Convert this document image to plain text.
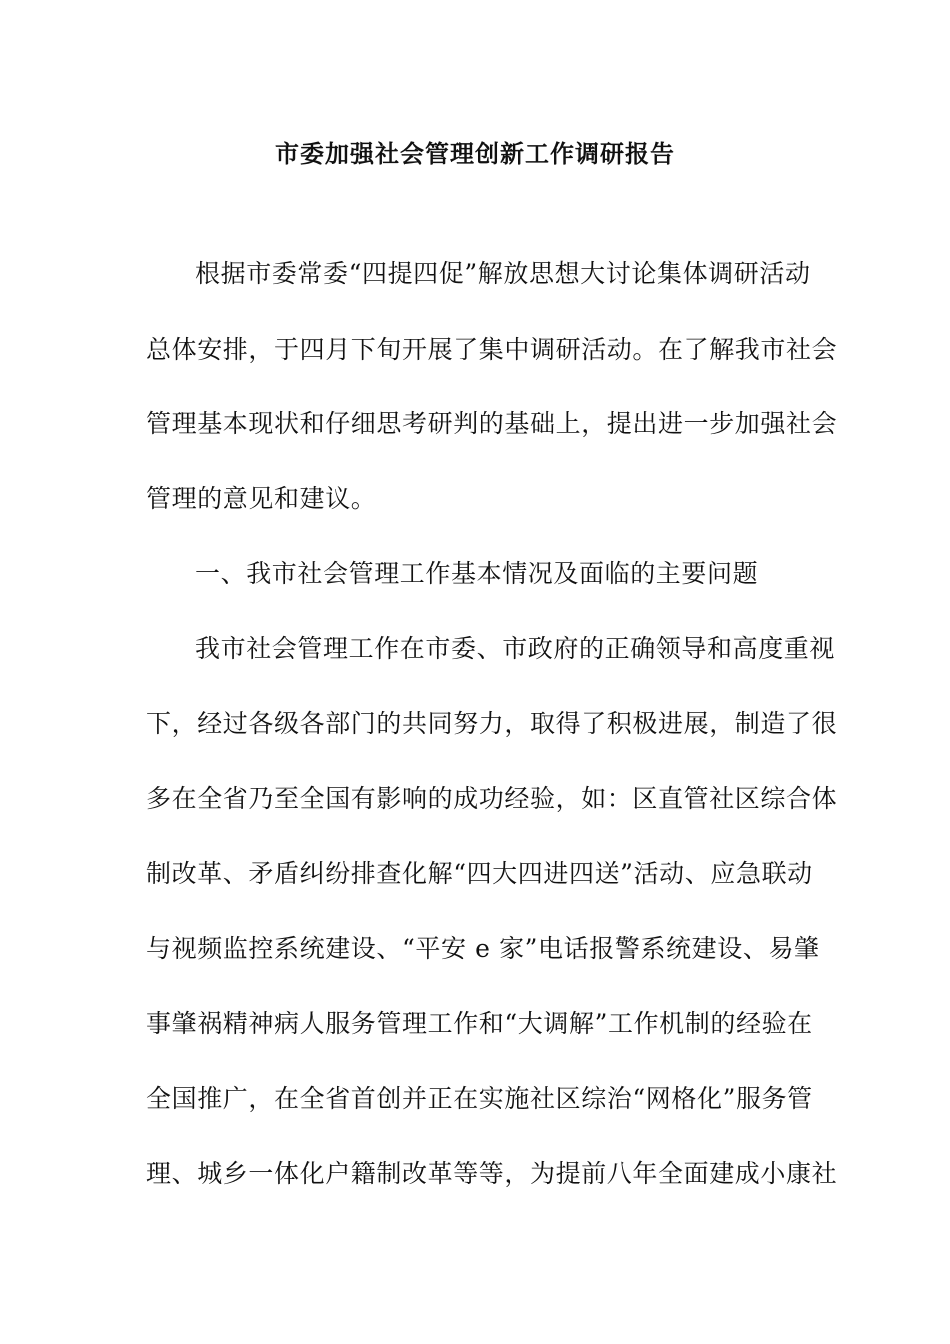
市委加强社会管理创新工作调研报告
根据市委常委“四提四促”解放思想大讨论集体调研活动
总体安排，于四月下旬开展了集中调研活动。在了解我市社会
管理基本现状和仔细思考研判的基础上，提出进一步加强社会
管理的意见和建议。
一、我市社会管理工作基本情况及面临的主要问题
我市社会管理工作在市委、市政府的正确领导和高度重视
下，经过各级各部门的共同努力，取得了积极进展，制造了很
多在全省乃至全国有影响的成功经验，如：区直管社区综合体
制改革、矛盾纠纷排查化解“四大四进四送”活动、应急联动
与视频监控系统建设、“平安 e 家”电话报警系统建设、易肇
事肇祸精神病人服务管理工作和“大调解”工作机制的经验在
全国推广，在全省首创并正在实施社区综治“网格化”服务管
理、城乡一体化户籍制改革等等，为提前八年全面建成小康社
